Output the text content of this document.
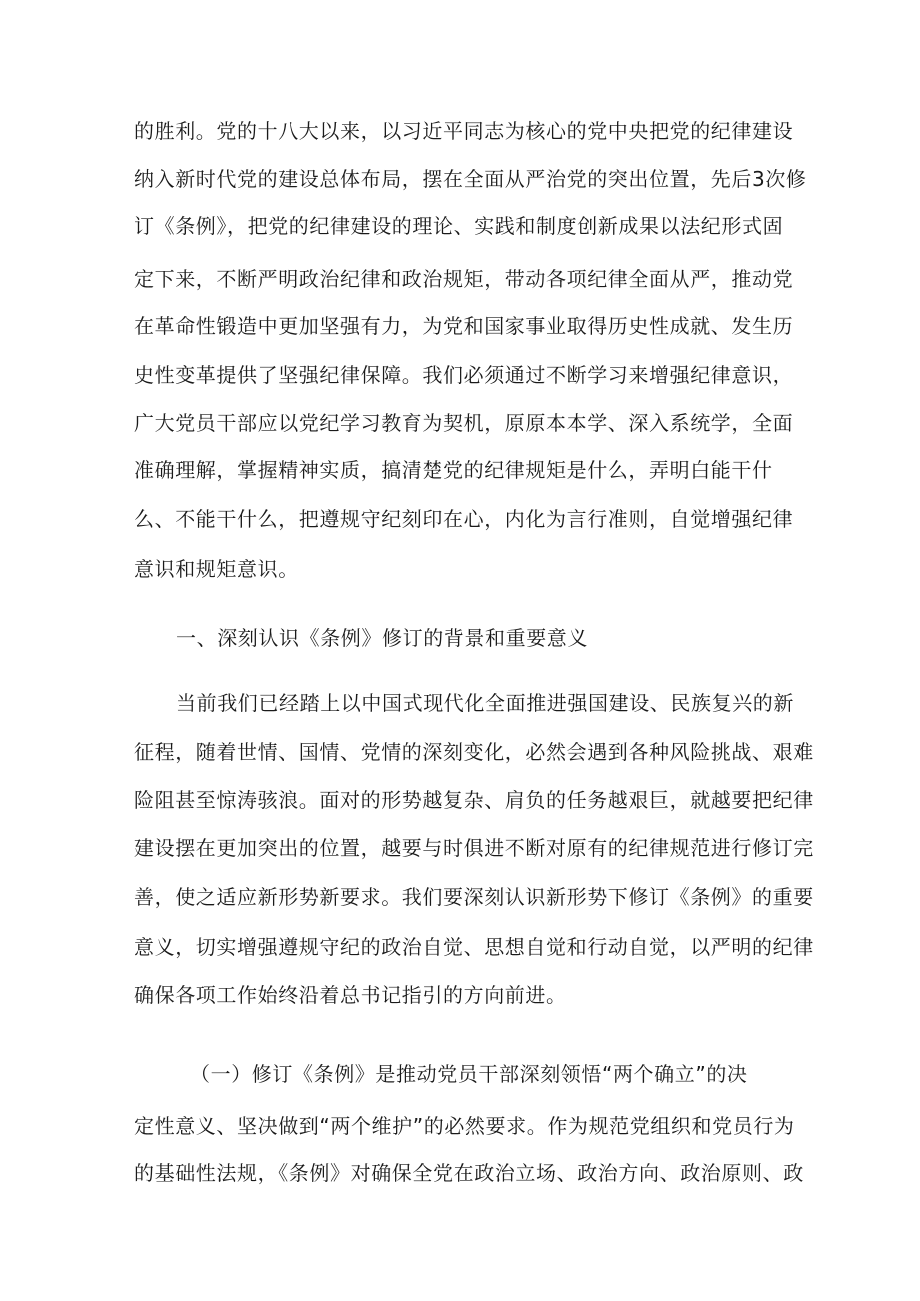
的胜利。党的十八大以来，以习近平同志为核心的党中央把党的纪律建设
纳入新时代党的建设总体布局，摆在全面从严治党的突出位置，先后3次修
订《条例》，把党的纪律建设的理论、实践和制度创新成果以法纪形式固
定下来，不断严明政治纪律和政治规矩，带动各项纪律全面从严，推动党
在革命性锻造中更加坚强有力，为党和国家事业取得历史性成就、发生历
史性变革提供了坚强纪律保障。我们必须通过不断学习来增强纪律意识，
广大党员干部应以党纪学习教育为契机，原原本本学、深入系统学，全面
准确理解，掌握精神实质，搞清楚党的纪律规矩是什么，弄明白能干什
么、不能干什么，把遵规守纪刻印在心，内化为言行准则，自觉增强纪律
意识和规矩意识。
一、深刻认识《条例》修订的背景和重要意义
当前我们已经踏上以中国式现代化全面推进强国建设、民族复兴的新
征程，随着世情、国情、党情的深刻变化，必然会遇到各种风险挑战、艰难
险阻甚至惊涛骇浪。面对的形势越复杂、肩负的任务越艰巨，就越要把纪律
建设摆在更加突出的位置，越要与时俱进不断对原有的纪律规范进行修订完
善，使之适应新形势新要求。我们要深刻认识新形势下修订《条例》的重要
意义，切实增强遵规守纪的政治自觉、思想自觉和行动自觉，以严明的纪律
确保各项工作始终沿着总书记指引的方向前进。
（一）修订《条例》是推动党员干部深刻领悟“两个确立”的决
定性意义、坚决做到“两个维护”的必然要求。作为规范党组织和党员行为
的基础性法规，《条例》对确保全党在政治立场、政治方向、政治原则、政
